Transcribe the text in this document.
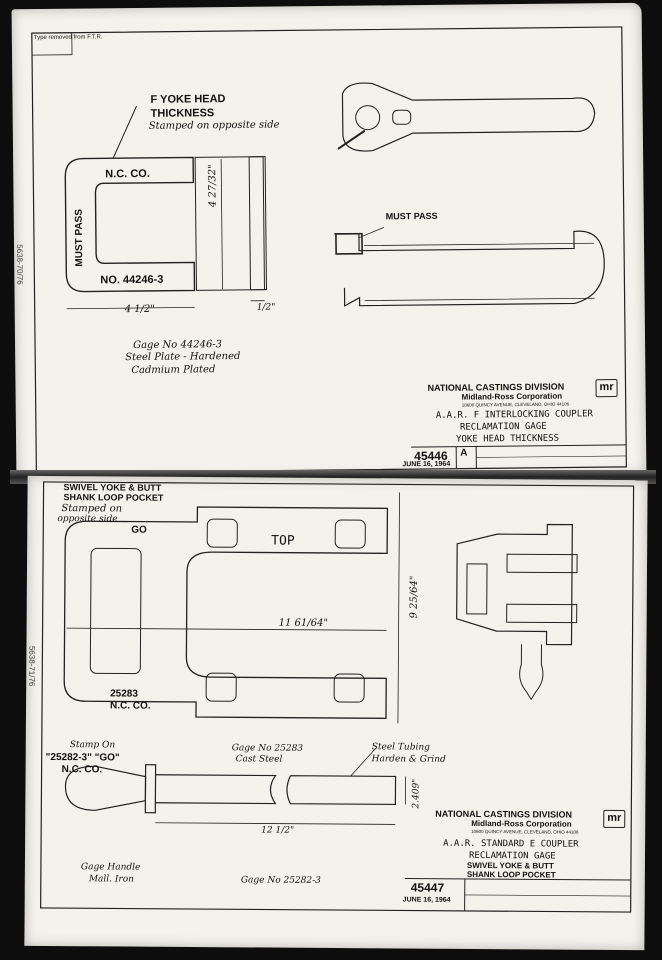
Type removed from F.T.R.
5638-70/76
F YOKE HEAD
THICKNESS
Stamped on opposite side
N.C. CO.
MUST PASS
NO. 44246-3
MUST PASS
4 1/2"
4 27/32"
1/2"
Gage No 44246-3
Steel Plate - Hardened
Cadmium Plated
NATIONAL CASTINGS DIVISION	mr
Midland-Ross Corporation
10600 QUINCY AVENUE, CLEVELAND, OHIO 44106
A.A.R. F INTERLOCKING COUPLER
RECLAMATION GAGE
YOKE HEAD THICKNESS
45446
JUNE 16, 1964
A
5638-71/76
SWIVEL YOKE & BUTT
SHANK LOOP POCKET
Stamped on
opposite side
GO
TOP
11 61/64"
9 25/64"
25283
N.C. CO.
Stamp On
"25282-3" "GO"
N.C. CO.
Gage No 25283
Cast Steel
Steel Tubing
Harden & Grind
2.409"
12 1/2"
Gage Handle
Mall. Iron	Gage No 25282-3
NATIONAL CASTINGS DIVISION	mr
Midland-Ross Corporation
10600 QUINCY AVENUE, CLEVELAND, OHIO 44106
A.A.R. STANDARD E COUPLER
RECLAMATION GAGE
SWIVEL YOKE & BUTT
SHANK LOOP POCKET
45447
JUNE 16, 1964
